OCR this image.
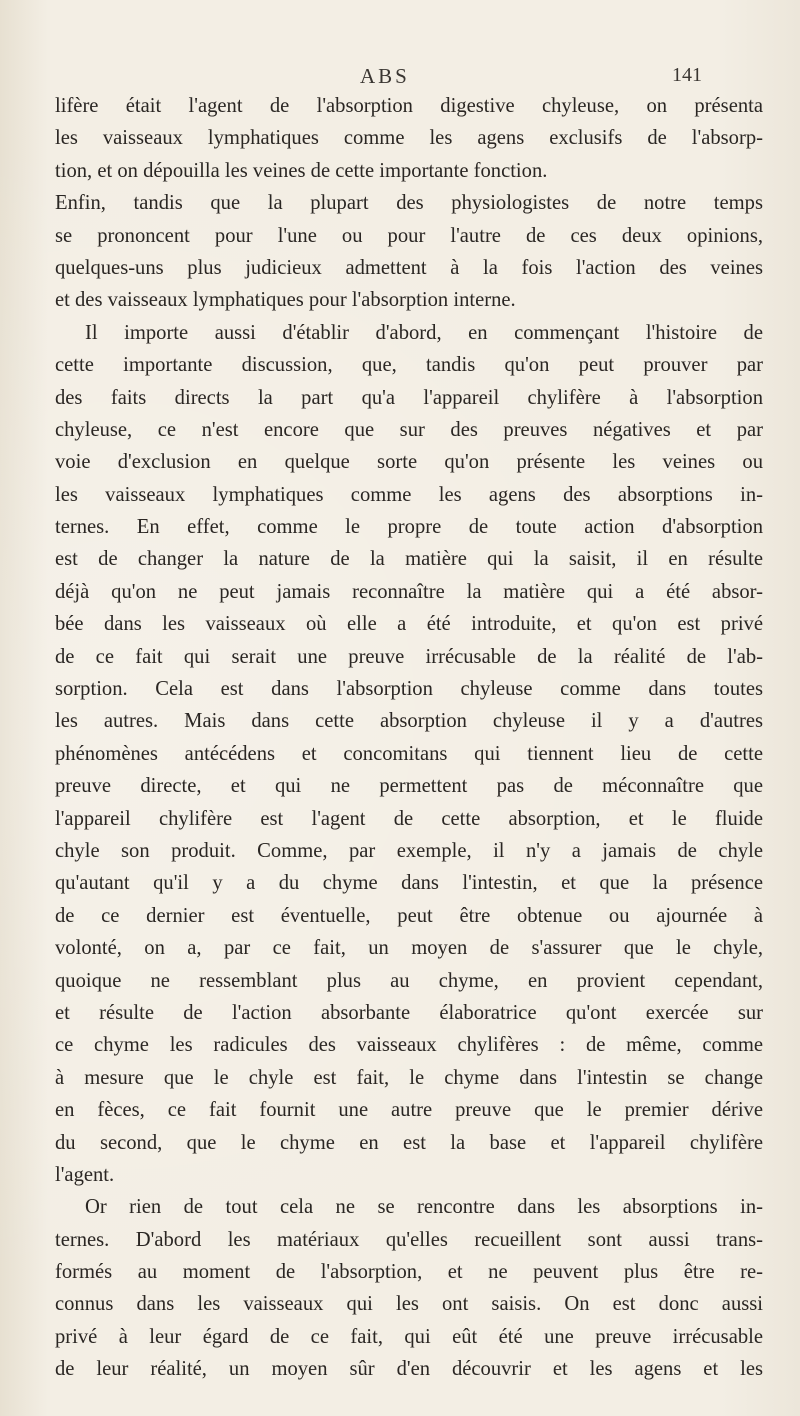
ABS	141
lifère était l'agent de l'absorption digestive chyleuse, on présenta
les vaisseaux lymphatiques comme les agens exclusifs de l'absorp-
tion, et on dépouilla les veines de cette importante fonction.
Enfin, tandis que la plupart des physiologistes de notre temps
se prononcent pour l'une ou pour l'autre de ces deux opinions,
quelques-uns plus judicieux admettent à la fois l'action des veines
et des vaisseaux lymphatiques pour l'absorption interne.
Il importe aussi d'établir d'abord, en commençant l'histoire de
cette importante discussion, que, tandis qu'on peut prouver par
des faits directs la part qu'a l'appareil chylifère à l'absorption
chyleuse, ce n'est encore que sur des preuves négatives et par
voie d'exclusion en quelque sorte qu'on présente les veines ou
les vaisseaux lymphatiques comme les agens des absorptions in-
ternes. En effet, comme le propre de toute action d'absorption
est de changer la nature de la matière qui la saisit, il en résulte
déjà qu'on ne peut jamais reconnaître la matière qui a été absor-
bée dans les vaisseaux où elle a été introduite, et qu'on est privé
de ce fait qui serait une preuve irrécusable de la réalité de l'ab-
sorption. Cela est dans l'absorption chyleuse comme dans toutes
les autres. Mais dans cette absorption chyleuse il y a d'autres
phénomènes antécédens et concomitans qui tiennent lieu de cette
preuve directe, et qui ne permettent pas de méconnaître que
l'appareil chylifère est l'agent de cette absorption, et le fluide
chyle son produit. Comme, par exemple, il n'y a jamais de chyle
qu'autant qu'il y a du chyme dans l'intestin, et que la présence
de ce dernier est éventuelle, peut être obtenue ou ajournée à
volonté, on a, par ce fait, un moyen de s'assurer que le chyle,
quoique ne ressemblant plus au chyme, en provient cependant,
et résulte de l'action absorbante élaboratrice qu'ont exercée sur
ce chyme les radicules des vaisseaux chylifères : de même, comme
à mesure que le chyle est fait, le chyme dans l'intestin se change
en fèces, ce fait fournit une autre preuve que le premier dérive
du second, que le chyme en est la base et l'appareil chylifère
l'agent.
Or rien de tout cela ne se rencontre dans les absorptions in-
ternes. D'abord les matériaux qu'elles recueillent sont aussi trans-
formés au moment de l'absorption, et ne peuvent plus être re-
connus dans les vaisseaux qui les ont saisis. On est donc aussi
privé à leur égard de ce fait, qui eût été une preuve irrécusable
de leur réalité, un moyen sûr d'en découvrir et les agens et les
